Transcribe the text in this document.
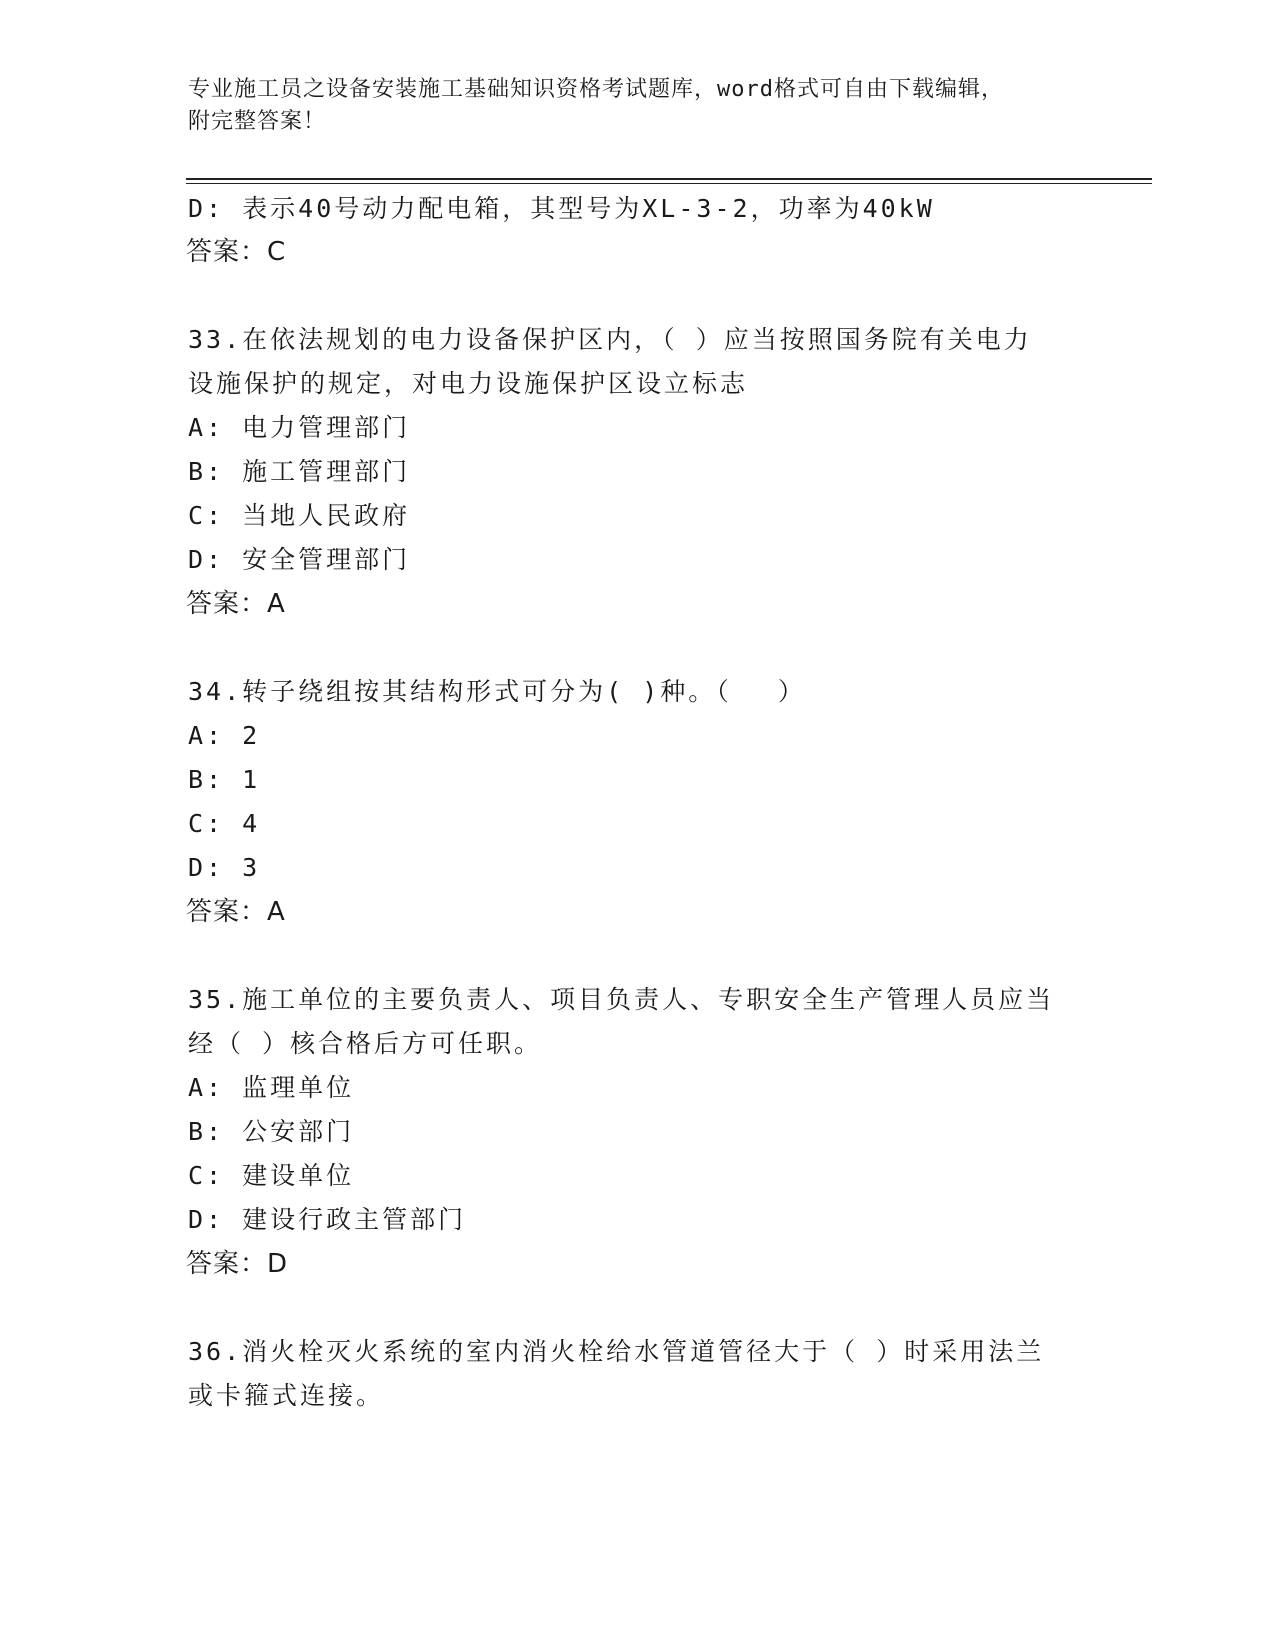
专业施工员之设备安装施工基础知识资格考试题库，word格式可自由下载编辑，
附完整答案！
D: 表示40号动力配电箱，其型号为XL-3-2，功率为40kW
答案：C
33.在依法规划的电力设备保护区内，（ ）应当按照国务院有关电力
设施保护的规定，对电力设施保护区设立标志
A: 电力管理部门
B: 施工管理部门
C: 当地人民政府
D: 安全管理部门
答案：A
34.转子绕组按其结构形式可分为( )种。（　 ）
A: 2
B: 1
C: 4
D: 3
答案：A
35.施工单位的主要负责人、项目负责人、专职安全生产管理人员应当
经（ ）核合格后方可任职。
A: 监理单位
B: 公安部门
C: 建设单位
D: 建设行政主管部门
答案：D
36.消火栓灭火系统的室内消火栓给水管道管径大于（ ）时采用法兰
或卡箍式连接。
